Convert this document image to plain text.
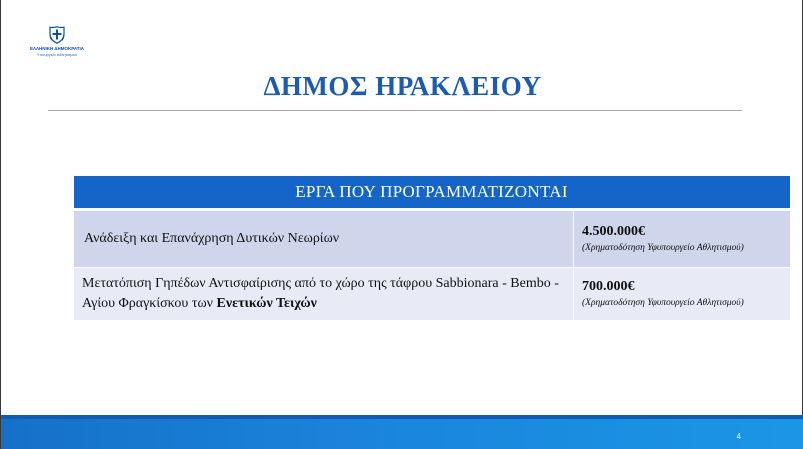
ΕΛΛΗΝΙΚΗ ΔΗΜΟΚΡΑΤΙΑ
Υπουργείο Αθλητισμού
ΔΗΜΟΣ ΗΡΑΚΛΕΙΟΥ
ΕΡΓΑ ΠΟΥ ΠΡΟΓΡΑΜΜΑΤΙΖΟΝΤΑΙ	

Ανάδειξη και Επανάχρηση Δυτικών Νεωρίων	4.500.000€
(Χρηματοδότηση Υφυπουργείο Αθλητισμού)

Μετατόπιση Γηπέδων Αντισφαίρισης από το χώρο της τάφρου Sabbionara - Bembo - Αγίου Φραγκίσκου των Ενετικών Τειχών	700.000€
(Χρηματοδότηση Υφυπουργείο Αθλητισμού)
4
